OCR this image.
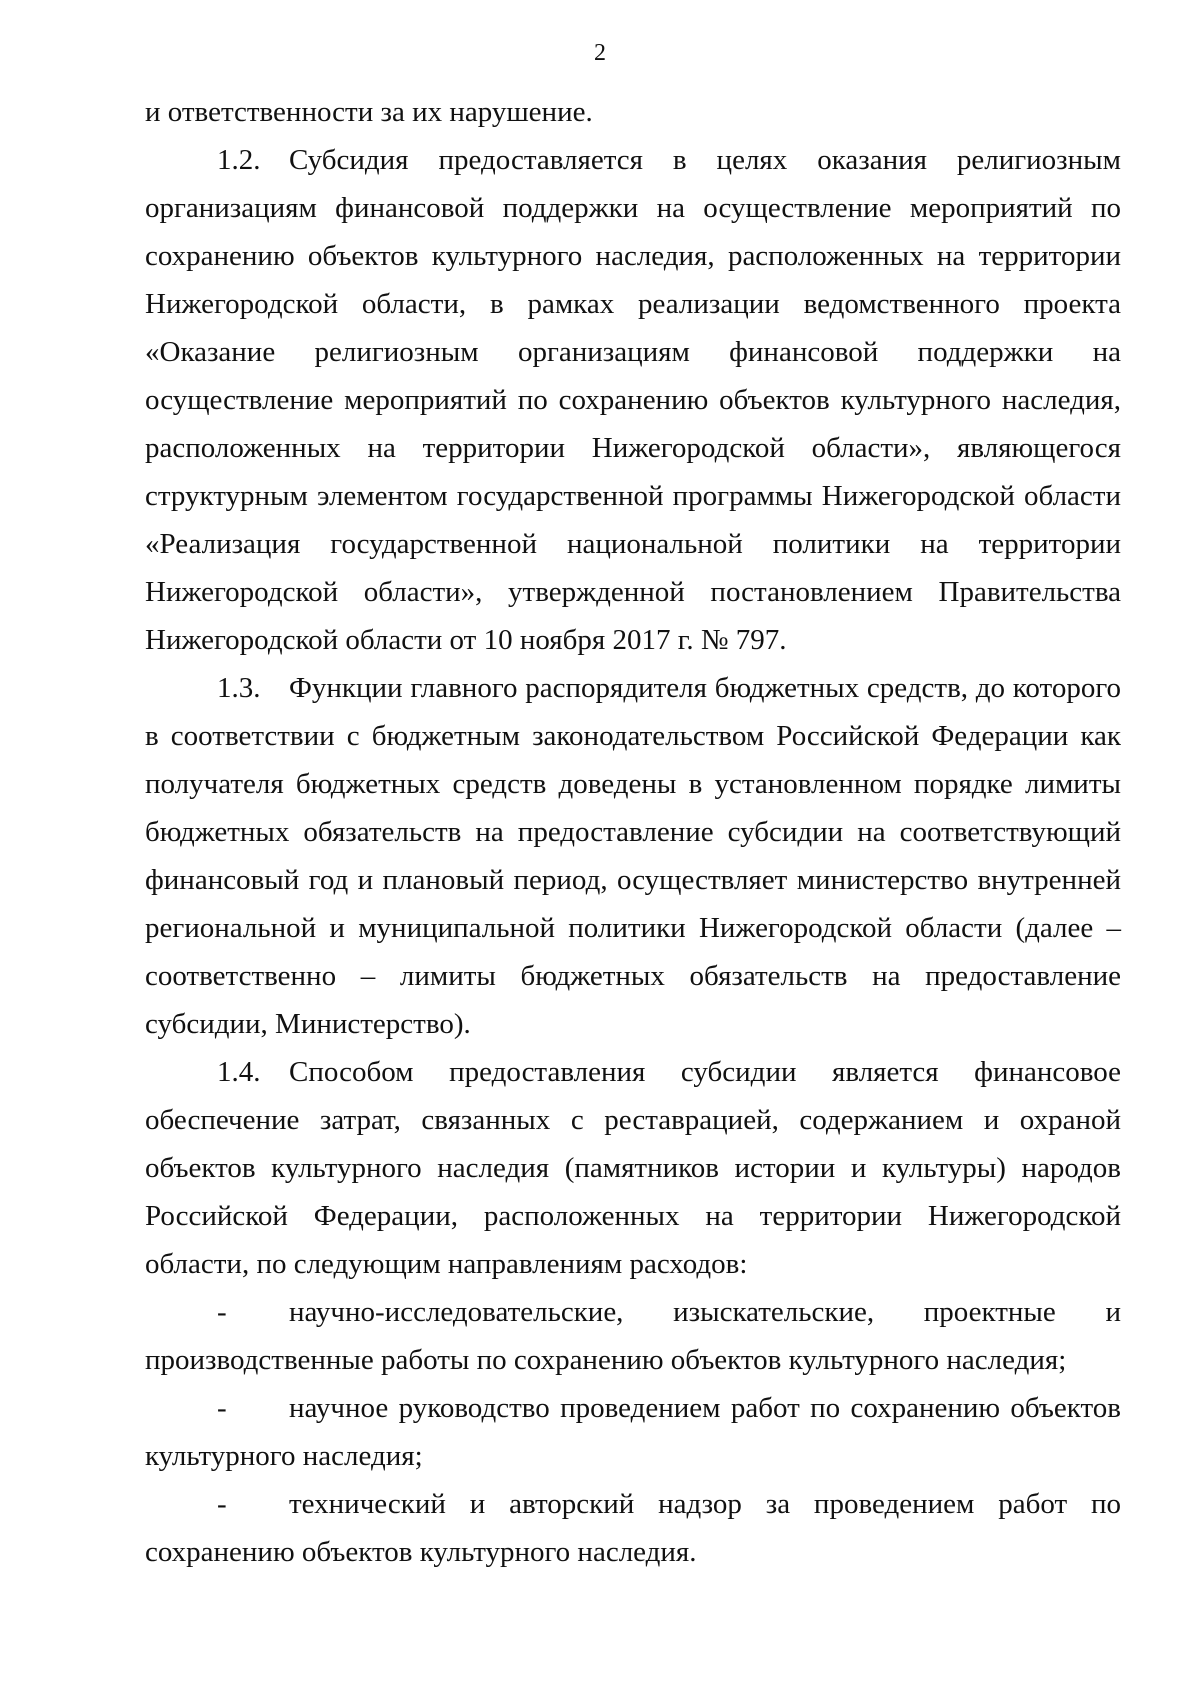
2

и ответственности за их нарушение.

1.2. Субсидия предоставляется в целях оказания религиозным организациям финансовой поддержки на осуществление мероприятий по сохранению объектов культурного наследия, расположенных на территории Нижегородской области, в рамках реализации ведомственного проекта «Оказание религиозным организациям финансовой поддержки на осуществление мероприятий по сохранению объектов культурного наследия, расположенных на территории Нижегородской области», являющегося структурным элементом государственной программы Нижегородской области «Реализация государственной национальной политики на территории Нижегородской области», утвержденной постановлением Правительства Нижегородской области от 10 ноября 2017 г. № 797.

1.3. Функции главного распорядителя бюджетных средств, до которого в соответствии с бюджетным законодательством Российской Федерации как получателя бюджетных средств доведены в установленном порядке лимиты бюджетных обязательств на предоставление субсидии на соответствующий финансовый год и плановый период, осуществляет министерство внутренней региональной и муниципальной политики Нижегородской области (далее – соответственно – лимиты бюджетных обязательств на предоставление субсидии, Министерство).

1.4. Способом предоставления субсидии является финансовое обеспечение затрат, связанных с реставрацией, содержанием и охраной объектов культурного наследия (памятников истории и культуры) народов Российской Федерации, расположенных на территории Нижегородской области, по следующим направлениям расходов:

- научно-исследовательские, изыскательские, проектные и производственные работы по сохранению объектов культурного наследия;

- научное руководство проведением работ по сохранению объектов культурного наследия;

- технический и авторский надзор за проведением работ по сохранению объектов культурного наследия.
